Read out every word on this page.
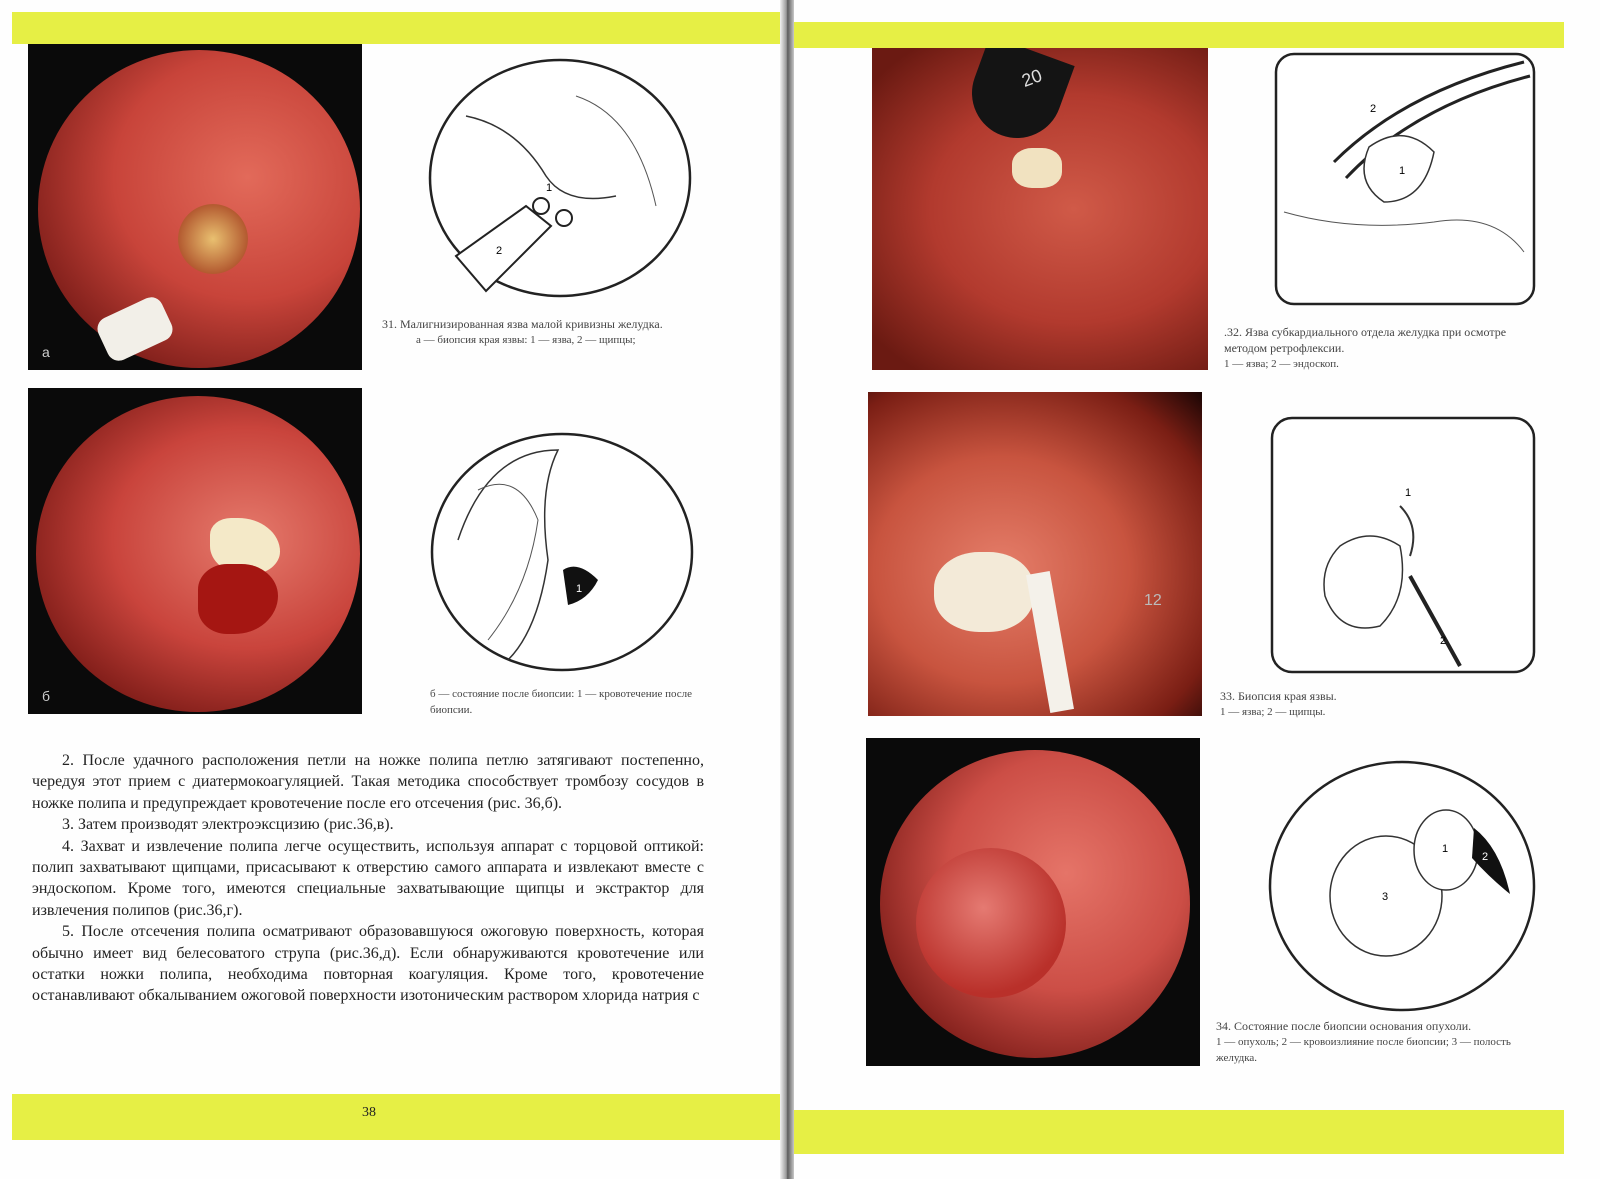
а
б
1
2
31. Малигнизированная язва малой кривизны желудка.
а — биопсия края язвы: 1 — язва, 2 — щипцы;
1
б — состояние после биопсии: 1 — кровотечение после биопсии.

2. После удачного расположения петли на ножке полипа петлю затягивают постепенно, чередуя этот прием с диатермокоагуляцией. Такая методика способствует тромбозу сосудов в ножке полипа и предупреждает кровотечение после его отсечения (рис. 36,б).

3. Затем производят электроэксцизию (рис.36,в).

4. Захват и извлечение полипа легче осуществить, используя аппарат с торцовой оптикой: полип захватывают щипцами, присасывают к отверстию самого аппарата и извлекают вместе с эндоскопом. Кроме того, имеются специальные захватывающие щипцы и экстрактор для извлечения полипов (рис.36,г).

5. После отсечения полипа осматривают образовавшуюся ожоговую поверхность, которая обычно имеет вид белесоватого струпа (рис.36,д). Если обнаруживаются кровотечение или остатки ножки полипа, необходима повторная коагуляция. Кроме того, кровотечение останавливают обкалыванием ожоговой поверхности изотоническим раствором хлорида натрия с

38
20
12
1
2
.32. Язва субкардиального отдела желудка при осмотре методом ретрофлексии.
1 — язва; 2 — эндоскоп.
1
2
33. Биопсия края язвы.
1 — язва; 2 — щипцы.
1
2
3
34. Состояние после биопсии основания опухоли.
1 — опухоль; 2 — кровоизлияние после биопсии; 3 — полость желудка.
